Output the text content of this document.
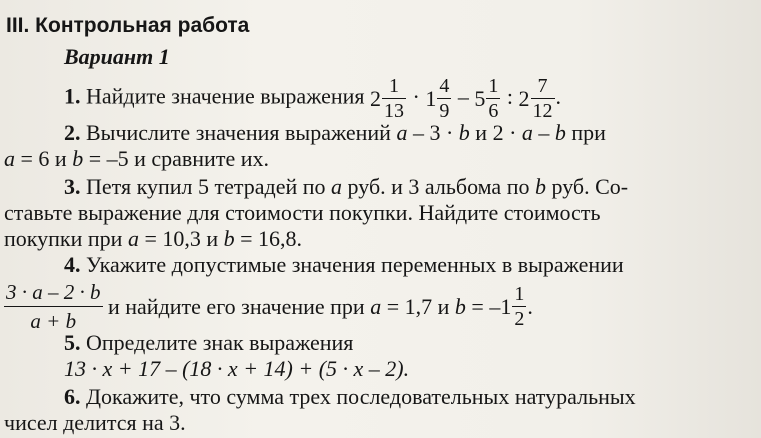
III. Контрольная работа
Вариант 1
1. Найдите значение выражения $2 \frac{1}{13} \cdot 1 \frac{4}{9} - 5 \frac{1}{6}$ : $2 \frac{7}{12}$ .
2. Вычислите значения выражений a – 3 · b и 2 · a – b при
a = 6 и b = –5 и сравните их.
3. Петя купил 5 тетрадей по a руб. и 3 альбома по b руб. Со-
ставьте выражение для стоимости покупки. Найдите стоимость
покупки при a = 10,3 и b = 16,8.
4. Укажите допустимые значения переменных в выражении
$\frac{3 \cdot a - 2 \cdot b}{a + b}$ и найдите его значение при a = 1,7 и $b = -1 \frac{1}{2}$ .
5. Определите знак выражения
13 · x + 17 – (18 · x + 14) + (5 · x – 2).
6. Докажите, что сумма трех последовательных натуральных
чисел делится на 3.
